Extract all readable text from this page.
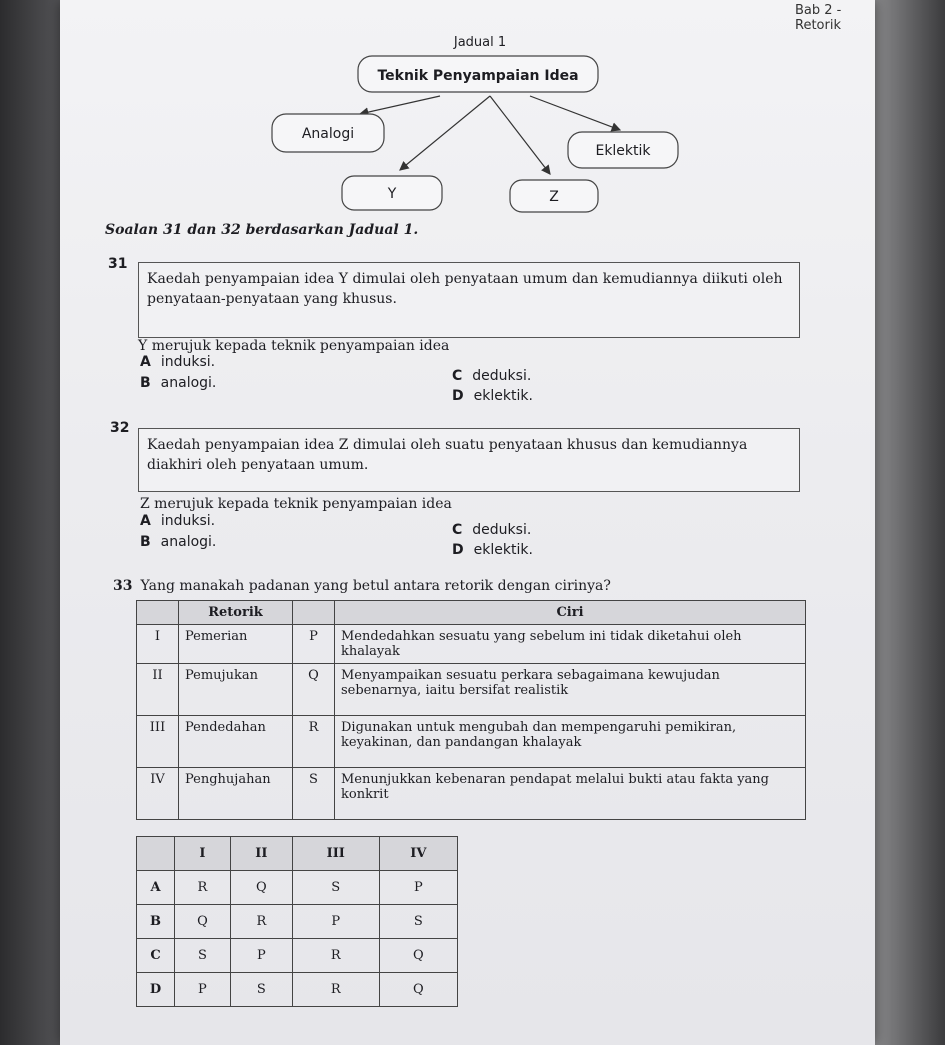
Bab 2 - Retorik
Jadual 1
Teknik Penyampaian Idea
Analogi
Eklektik
Y	Z
Soalan 31 dan 32 berdasarkan Jadual 1.
31
Kaedah penyampaian idea Y dimulai oleh penyataan umum dan kemudiannya diikuti oleh penyataan-penyataan yang khusus.
Y merujuk kepada teknik penyampaian idea
A induksi.
B analogi.	C deduksi.
D eklektik.
32
Kaedah penyampaian idea Z dimulai oleh suatu penyataan khusus dan kemudiannya diakhiri oleh penyataan umum.
Z merujuk kepada teknik penyampaian idea
A induksi.
B analogi.
C deduksi.
D eklektik.
33 Yang manakah padanan yang betul antara retorik dengan cirinya?
	Retorik		Ciri
I	Pemerian	P	Mendedahkan sesuatu yang sebelum ini tidak diketahui oleh khalayak
II	Pemujukan	Q	Menyampaikan sesuatu perkara sebagaimana kewujudan sebenarnya, iaitu bersifat realistik
III	Pendedahan	R	Digunakan untuk mengubah dan mempengaruhi pemikiran, keyakinan, dan pandangan khalayak
IV	Penghujahan	S	Menunjukkan kebenaran pendapat melalui bukti atau fakta yang konkrit
	I	II	III	IV
A	R	Q	S	P
B	Q	R	P	S
C	S	P	R	Q
D	P	S	R	Q
